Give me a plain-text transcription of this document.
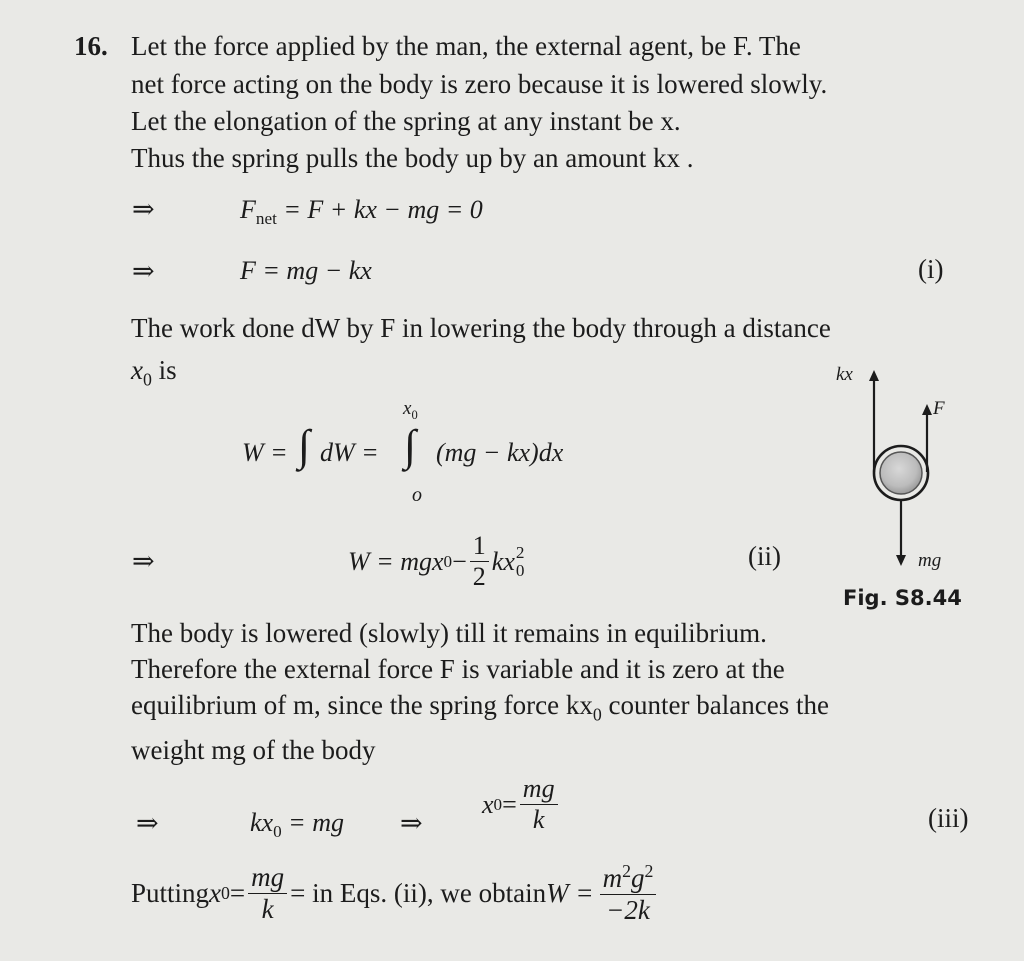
16. Let the force applied by the man, the external agent, be F. The
net force acting on the body is zero because it is lowered slowly.
Let the elongation of the spring at any instant be x.
Thus the spring pulls the body up by an amount kx .
⇒	$F_{net} = F$ + kx − mg = 0
⇒	F = mg − kx	(i)
The work done dW by F in lowering the body through a distance
$x_0$ is
W = ∫ dW =
$x_0$
∫
o
(mg − kx)dx
⇒	W = mgx $0 - \frac{1}{2}$ kx 2
0	(ii)
kx
F
mg
Fig. S8.44
The body is lowered (slowly) till it remains in equilibrium.
Therefore the external force F is variable and it is zero at the
equilibrium of m, since the spring force $kx_0$ counter balances the
weight mg of the body
⇒	$kx_0$ = mg ⇒
x $0 = \frac{mg}{k}$	(iii)
Putting x $0 = \frac{mg}{k}$ = in Eqs. (ii), we obtain $W = \frac{m^2g^2}{-2k}$
